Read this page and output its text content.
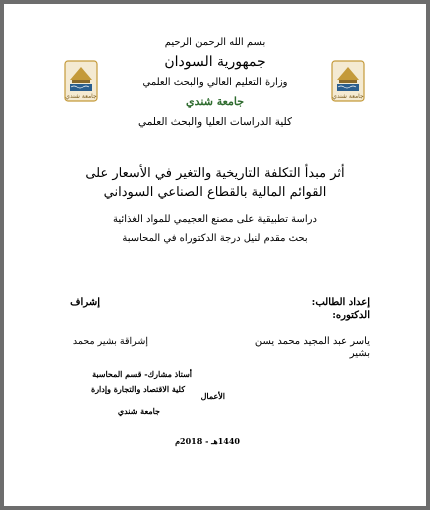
بسم الله الرحمن الرحيم
جمهورية السودان
وزارة التعليم العالي والبحث العلمي
جامعة شندي
كلية الدراسات العليا والبحث العلمي
جامعة شندي	جامعة شندي
أثر مبدأ التكلفة التاريخية والتغير في الأسعار على
القوائم المالية بالقطاع الصناعي السوداني
دراسة تطبيقية على مصنع العجيمي للمواد الغذائية
بحث مقدم لنيل درجة الدكتوراه في المحاسبة
إعداد الطالب:
الدكتوره:
إشراف
ياسر عبد المجيد محمد يسن
بشير
إشراقة بشير محمد
أستاذ مشارك- قسم المحاسبة
كلية الاقتصاد والتجارة وإدارة
الأعمال
جامعة شندي
1440هـ - 2018م
